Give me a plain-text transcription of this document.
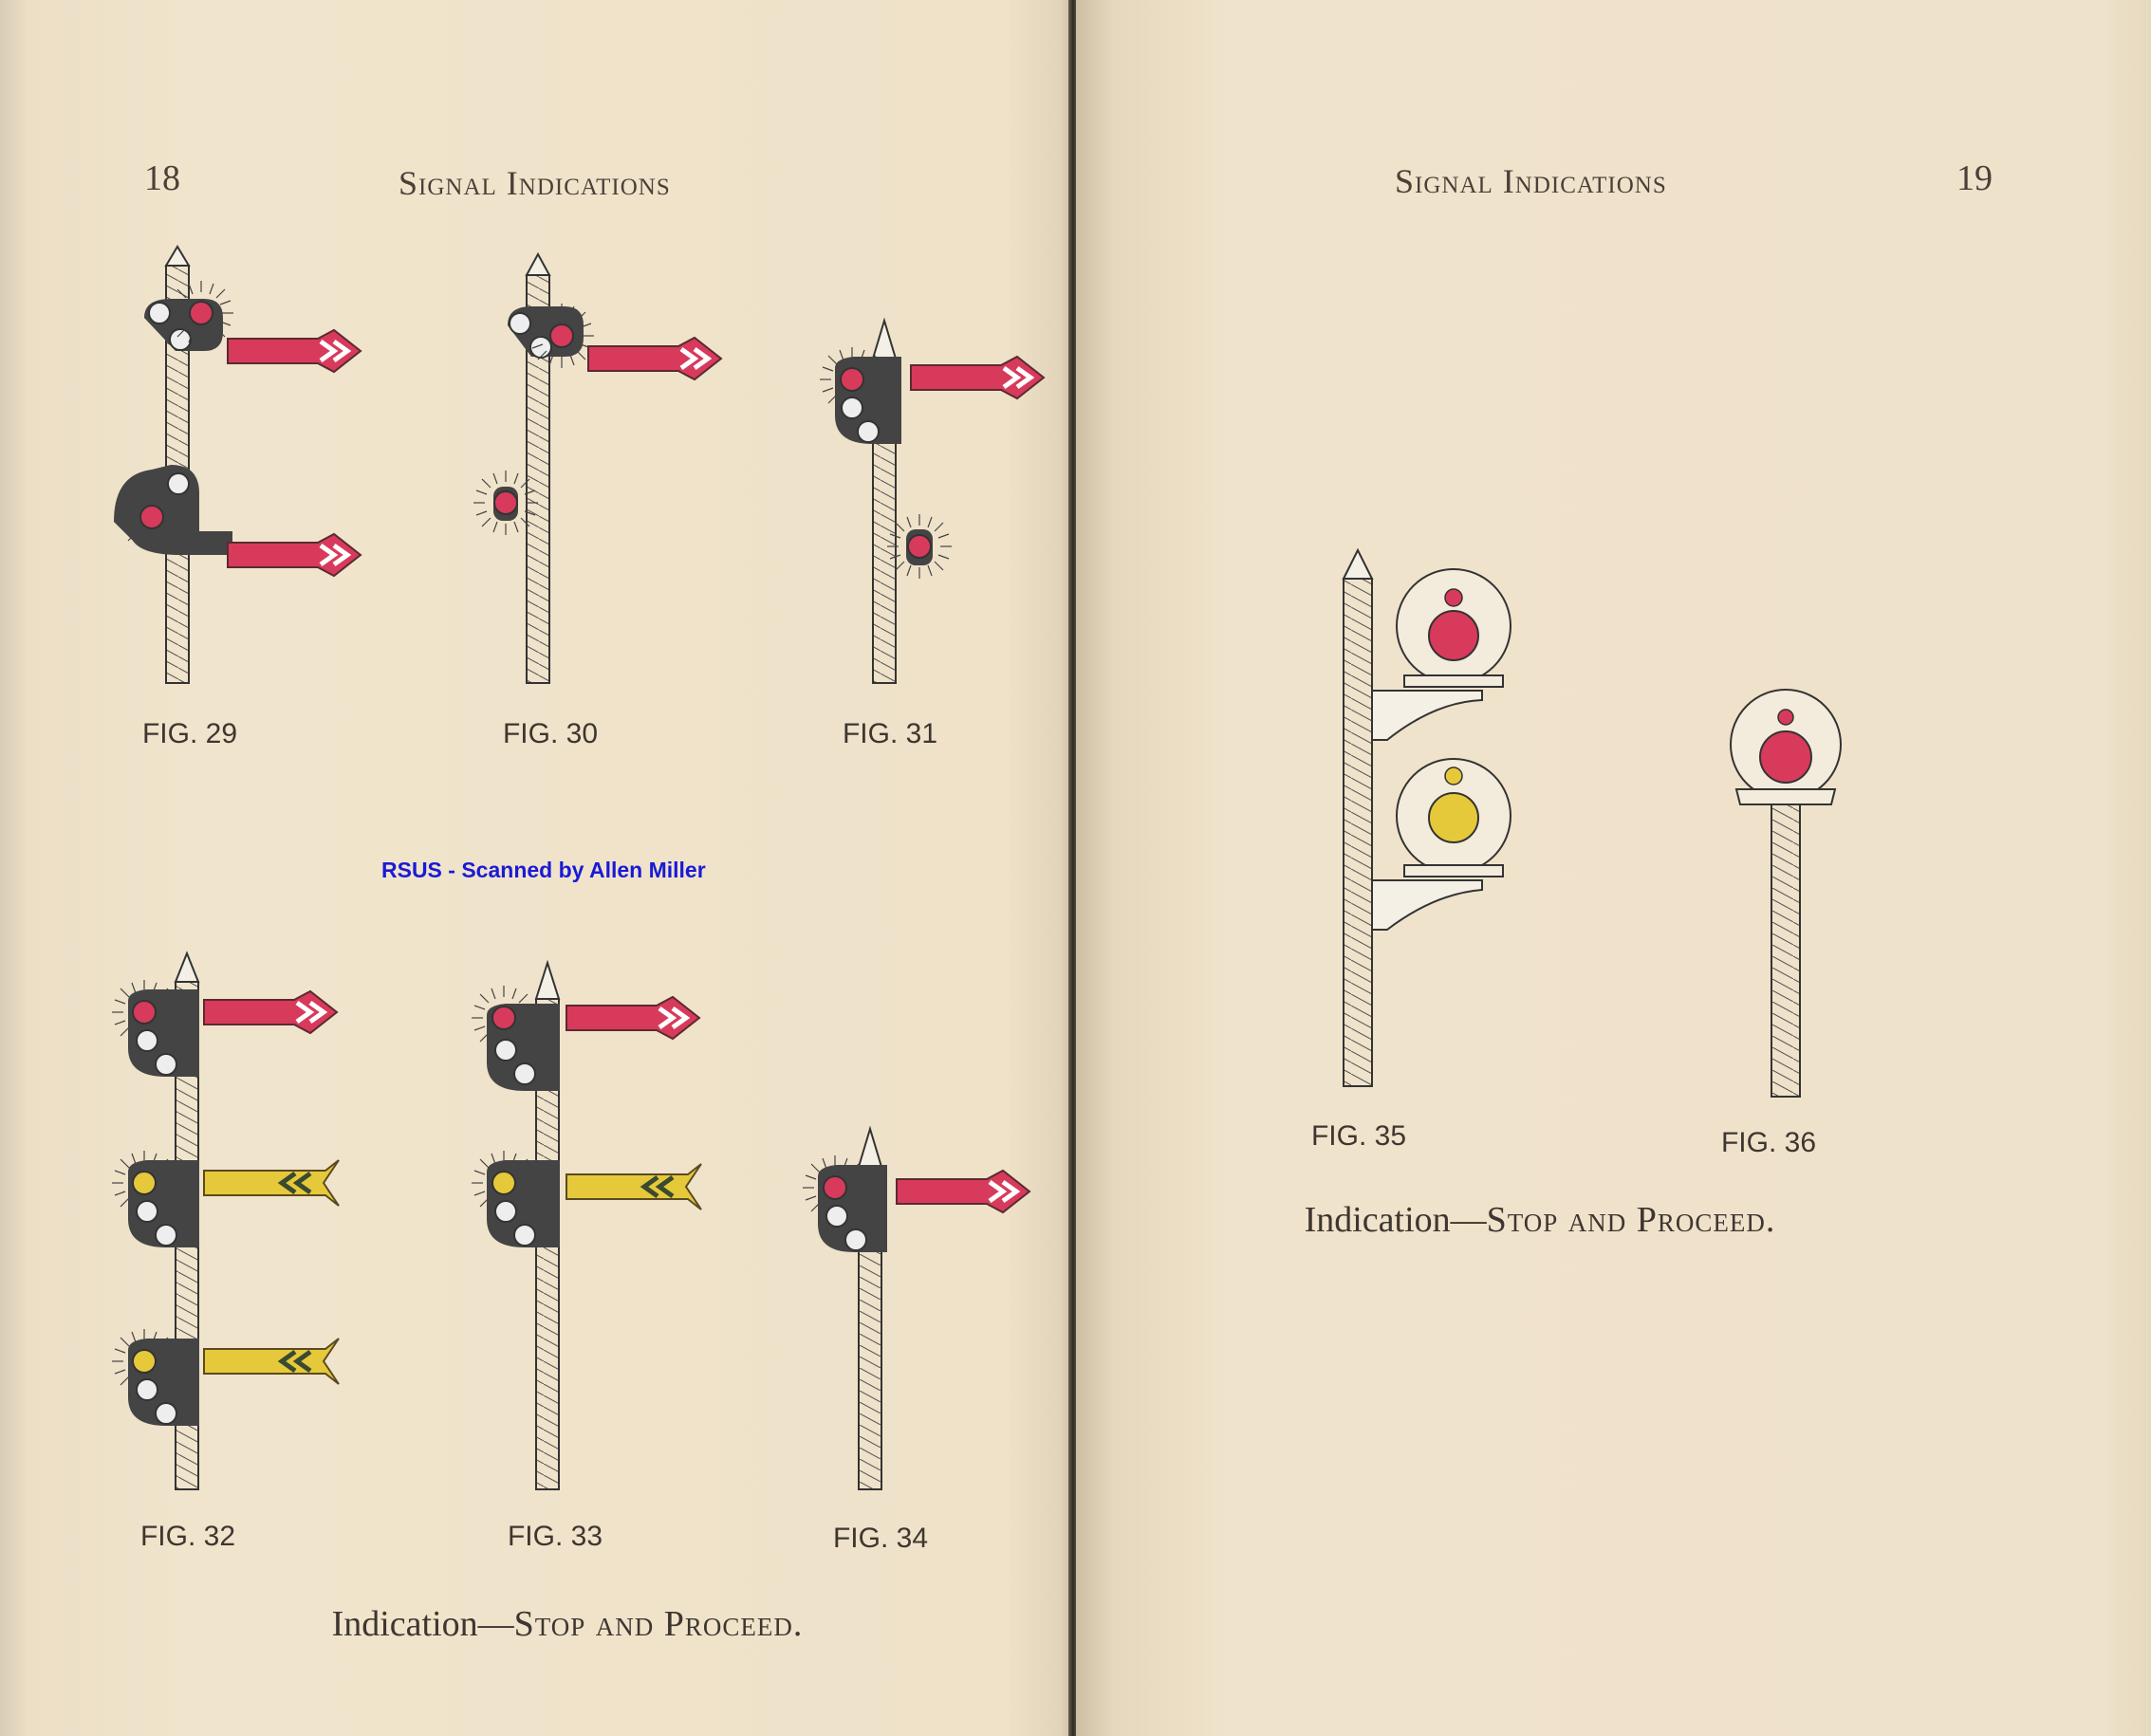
18	Signal Indications
FIG. 29	FIG. 30	FIG. 31
RSUS - Scanned by Allen Miller
FIG. 32	FIG. 33	FIG. 34
Indication—Stop and Proceed.
Signal Indications	19
FIG. 35	FIG. 36
Indication—Stop and Proceed.
